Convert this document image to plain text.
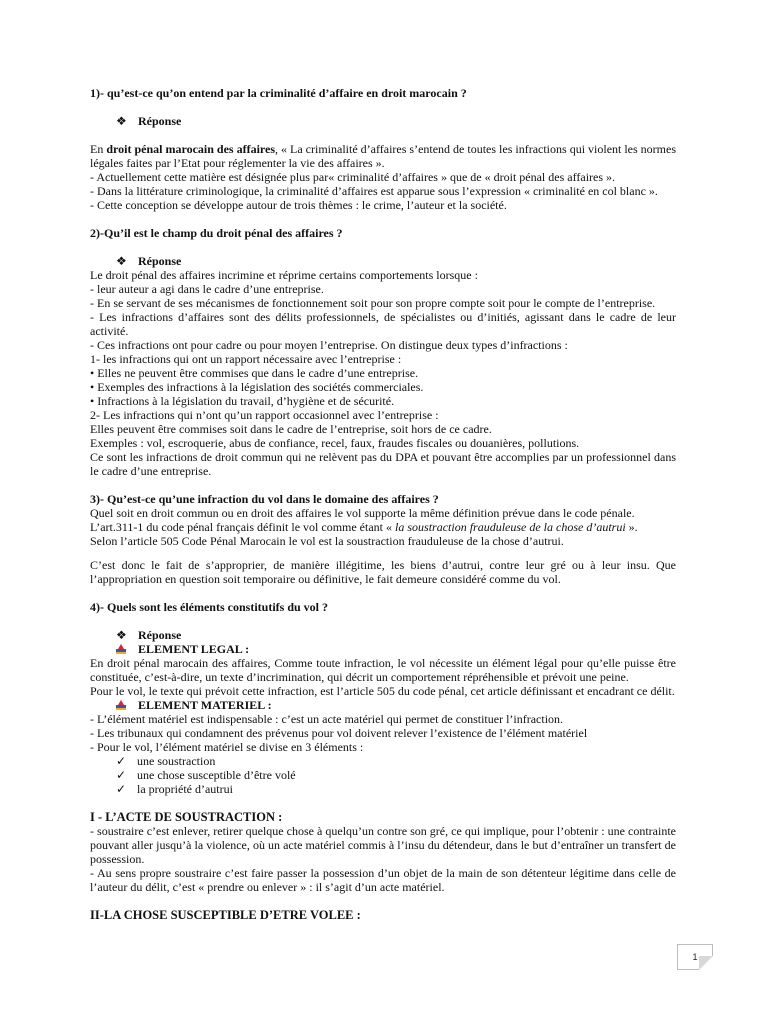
1)- qu’est-ce qu’on entend par la criminalité d’affaire en droit marocain ?

❖ Réponse

En droit pénal marocain des affaires, « La criminalité d’affaires s’entend de toutes les infractions qui violent les normes légales faites par l’Etat pour réglementer la vie des affaires ».

- Actuellement cette matière est désignée plus par« criminalité d’affaires » que de « droit pénal des affaires ».

- Dans la littérature criminologique, la criminalité d’affaires est apparue sous l’expression « criminalité en col blanc ».

- Cette conception se développe autour de trois thèmes : le crime, l’auteur et la société.

2)-Qu’il est le champ du droit pénal des affaires ?

❖ Réponse

Le droit pénal des affaires incrimine et réprime certains comportements lorsque :

- leur auteur a agi dans le cadre d’une entreprise.

- En se servant de ses mécanismes de fonctionnement soit pour son propre compte soit pour le compte de l’entreprise.

- Les infractions d’affaires sont des délits professionnels, de spécialistes ou d’initiés, agissant dans le cadre de leur activité.

- Ces infractions ont pour cadre ou pour moyen l’entreprise. On distingue deux types d’infractions :

1- les infractions qui ont un rapport nécessaire avec l’entreprise :

• Elles ne peuvent être commises que dans le cadre d’une entreprise.

• Exemples des infractions à la législation des sociétés commerciales.

• Infractions à la législation du travail, d’hygiène et de sécurité.

2- Les infractions qui n’ont qu’un rapport occasionnel avec l’entreprise :

Elles peuvent être commises soit dans le cadre de l’entreprise, soit hors de ce cadre.

Exemples : vol, escroquerie, abus de confiance, recel, faux, fraudes fiscales ou douanières, pollutions.

Ce sont les infractions de droit commun qui ne relèvent pas du DPA et pouvant être accomplies par un professionnel dans le cadre d’une entreprise.

3)- Qu’est-ce qu’une infraction du vol dans le domaine des affaires ?

Quel soit en droit commun ou en droit des affaires le vol supporte la même définition prévue dans le code pénale.

L’art.311-1 du code pénal français définit le vol comme étant « la soustraction frauduleuse de la chose d’autrui ».

Selon l’article 505 Code Pénal Marocain le vol est la soustraction frauduleuse de la chose d’autrui.

C’est donc le fait de s’approprier, de manière illégitime, les biens d’autrui, contre leur gré ou à leur insu. Que l’appropriation en question soit temporaire ou définitive, le fait demeure considéré comme du vol.

4)- Quels sont les éléments constitutifs du vol ?

❖ Réponse

ELEMENT LEGAL :

En droit pénal marocain des affaires, Comme toute infraction, le vol nécessite un élément légal pour qu’elle puisse être constituée, c’est-à-dire, un texte d’incrimination, qui décrit un comportement répréhensible et prévoit une peine.

Pour le vol, le texte qui prévoit cette infraction, est l’article 505 du code pénal, cet article définissant et encadrant ce délit.

ELEMENT MATERIEL :

- L’élément matériel est indispensable : c’est un acte matériel qui permet de constituer l’infraction.

- Les tribunaux qui condamnent des prévenus pour vol doivent relever l’existence de l’élément matériel

- Pour le vol, l’élément matériel se divise en 3 éléments :

✓ une soustraction

✓ une chose susceptible d’être volé

✓ la propriété d’autrui

I - L’ACTE DE SOUSTRACTION :

- soustraire c’est enlever, retirer quelque chose à quelqu’un contre son gré, ce qui implique, pour l’obtenir : une contrainte pouvant aller jusqu’à la violence, où un acte matériel commis à l’insu du détendeur, dans le but d’entraîner un transfert de possession.

- Au sens propre soustraire c’est faire passer la possession d’un objet de la main de son détenteur légitime dans celle de l’auteur du délit, c’est « prendre ou enlever » : il s’agit d’un acte matériel.

II-LA CHOSE SUSCEPTIBLE D’ETRE VOLEE :

1
